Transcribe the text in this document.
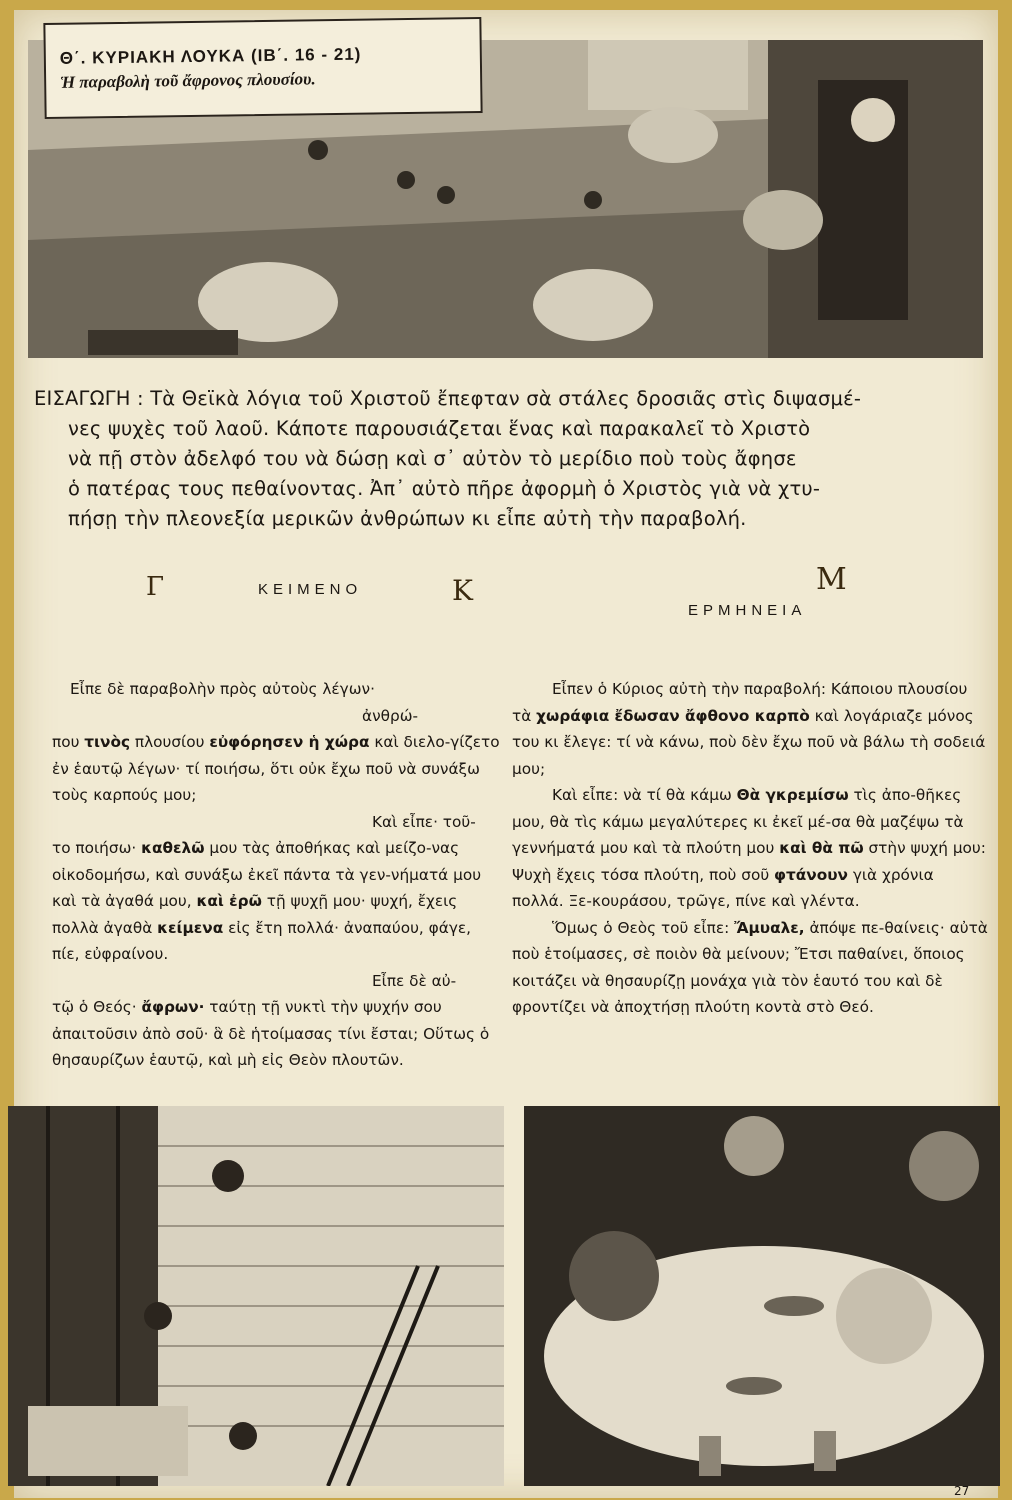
Θ΄. ΚΥΡΙΑΚΗ ΛΟΥΚΑ (ΙΒ΄. 16 - 21)
Ἡ παραβολὴ τοῦ ἄφρονος πλουσίου.
ΕΙΣΑΓΩΓΗ : Τὰ Θεϊκὰ λόγια τοῦ Χριστοῦ ἔπεφταν σὰ στάλες δροσιᾶς στὶς διψασμέ-
νες ψυχὲς τοῦ λαοῦ. Κάποτε παρουσιάζεται ἕνας καὶ παρακαλεῖ τὸ Χριστὸ
νὰ πῇ στὸν ἀδελφό του νὰ δώσῃ καὶ σ᾽ αὐτὸν τὸ μερίδιο ποὺ τοὺς ἄφησε
ὁ πατέρας τους πεθαίνοντας. Ἀπ᾽ αὐτὸ πῆρε ἀφορμὴ ὁ Χριστὸς γιὰ νὰ χτυ-
πήσῃ τὴν πλεονεξία μερικῶν ἀνθρώπων κι εἶπε αὐτὴ τὴν παραβολή.
Γ	Κ	Μ
ΚΕΙΜΕΝΟ
ΕΡΜΗΝΕΙΑ

Εἶπε δὲ παραβολὴν πρὸς αὐτοὺς λέγων·

ἀνθρώ-

που τινὸς πλουσίου εὐφόρησεν ἡ χώρα καὶ διελο-γίζετο ἐν ἑαυτῷ λέγων· τί ποιήσω, ὅτι οὐκ ἔχω ποῦ νὰ συνάξω τοὺς καρπούς μου;

Καὶ εἶπε· τοῦ-

το ποιήσω· καθελῶ μου τὰς ἀποθήκας καὶ μείζο-νας οἰκοδομήσω, καὶ συνάξω ἐκεῖ πάντα τὰ γεν-νήματά μου καὶ τὰ ἀγαθά μου, καὶ ἐρῶ τῇ ψυχῇ μου· ψυχή, ἔχεις πολλὰ ἀγαθὰ κείμενα εἰς ἔτη πολλά· ἀναπαύου, φάγε, πίε, εὐφραίνου.

Εἶπε δὲ αὐ-

τῷ ὁ Θεός· ἄφρων· ταύτῃ τῇ νυκτὶ τὴν ψυχήν σου ἀπαιτοῦσιν ἀπὸ σοῦ· ἃ δὲ ἡτοίμασας τίνι ἔσται; Οὕτως ὁ θησαυρίζων ἑαυτῷ, καὶ μὴ εἰς Θεὸν πλουτῶν.

Εἶπεν ὁ Κύριος αὐτὴ τὴν παραβολή: Κάποιου πλουσίου τὰ χωράφια ἔδωσαν ἄφθονο καρπὸ καὶ λογάριαζε μόνος του κι ἔλεγε: τί νὰ κάνω, ποὺ δὲν ἔχω ποῦ νὰ βάλω τὴ σοδειά μου;

Καὶ εἶπε: νὰ τί θὰ κάμω Θὰ γκρεμίσω τὶς ἀπο-θῆκες μου, θὰ τὶς κάμω μεγαλύτερες κι ἐκεῖ μέ-σα θὰ μαζέψω τὰ γεννήματά μου καὶ τὰ πλούτη μου καὶ θὰ πῶ στὴν ψυχή μου: Ψυχὴ ἔχεις τόσα πλούτη, ποὺ σοῦ φτάνουν γιὰ χρόνια πολλά. Ξε-κουράσου, τρῶγε, πίνε καὶ γλέντα.

Ὅμως ὁ Θεὸς τοῦ εἶπε: Ἄμυαλε, ἀπόψε πε-θαίνεις· αὐτὰ ποὺ ἑτοίμασες, σὲ ποιὸν θὰ μείνουν; Ἔτσι παθαίνει, ὅποιος κοιτάζει νὰ θησαυρίζῃ μονάχα γιὰ τὸν ἑαυτό του καὶ δὲ φροντίζει νὰ ἀποχτήσῃ πλούτη κοντὰ στὸ Θεό.

27
